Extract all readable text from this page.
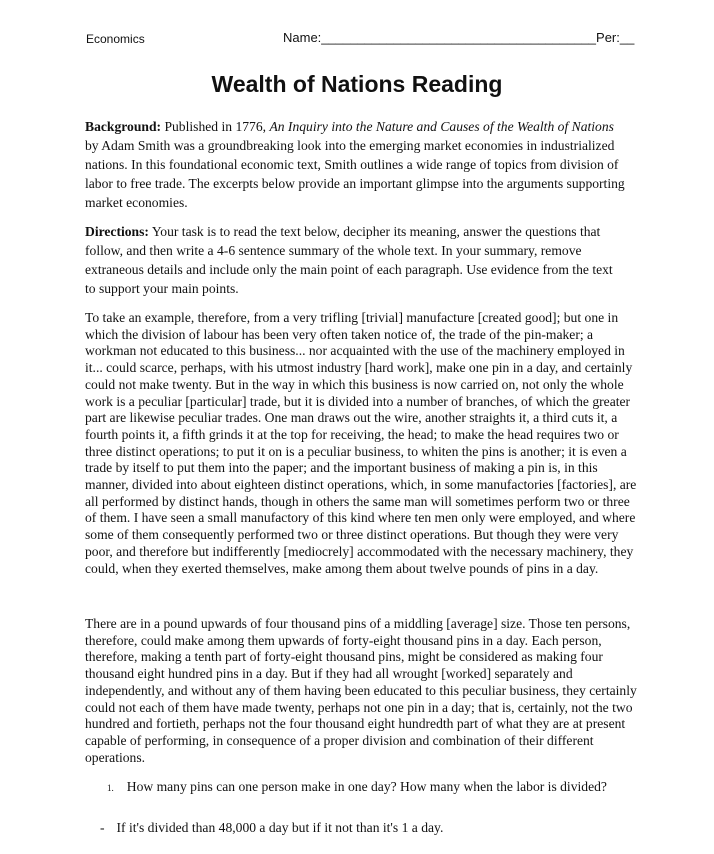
Economics	Name:______________________________________Per:__
Wealth of Nations Reading
Background: Published in 1776, An Inquiry into the Nature and Causes of the Wealth of Nations by Adam Smith was a groundbreaking look into the emerging market economies in industrialized nations. In this foundational economic text, Smith outlines a wide range of topics from division of labor to free trade. The excerpts below provide an important glimpse into the arguments supporting market economies.
Directions: Your task is to read the text below, decipher its meaning, answer the questions that follow, and then write a 4-6 sentence summary of the whole text. In your summary, remove extraneous details and include only the main point of each paragraph. Use evidence from the text to support your main points.
To take an example, therefore, from a very trifling [trivial] manufacture [created good]; but one in which the division of labour has been very often taken notice of, the trade of the pin-maker; a workman not educated to this business... nor acquainted with the use of the machinery employed in it... could scarce, perhaps, with his utmost industry [hard work], make one pin in a day, and certainly could not make twenty. But in the way in which this business is now carried on, not only the whole work is a peculiar [particular] trade, but it is divided into a number of branches, of which the greater part are likewise peculiar trades. One man draws out the wire, another straights it, a third cuts it, a fourth points it, a fifth grinds it at the top for receiving, the head; to make the head requires two or three distinct operations; to put it on is a peculiar business, to whiten the pins is another; it is even a trade by itself to put them into the paper; and the important business of making a pin is, in this manner, divided into about eighteen distinct operations, which, in some manufactories [factories], are all performed by distinct hands, though in others the same man will sometimes perform two or three of them. I have seen a small manufactory of this kind where ten men only were employed, and where some of them consequently performed two or three distinct operations. But though they were very poor, and therefore but indifferently [mediocrely] accommodated with the necessary machinery, they could, when they exerted themselves, make among them about twelve pounds of pins in a day.
There are in a pound upwards of four thousand pins of a middling [average] size. Those ten persons, therefore, could make among them upwards of forty-eight thousand pins in a day. Each person, therefore, making a tenth part of forty-eight thousand pins, might be considered as making four thousand eight hundred pins in a day. But if they had all wrought [worked] separately and independently, and without any of them having been educated to this peculiar business, they certainly could not each of them have made twenty, perhaps not one pin in a day; that is, certainly, not the two hundred and fortieth, perhaps not the four thousand eight hundredth part of what they are at present capable of performing, in consequence of a proper division and combination of their different operations.
1. How many pins can one person make in one day? How many when the labor is divided?
- If it's divided than 48,000 a day but if it not than it's 1 a day.
